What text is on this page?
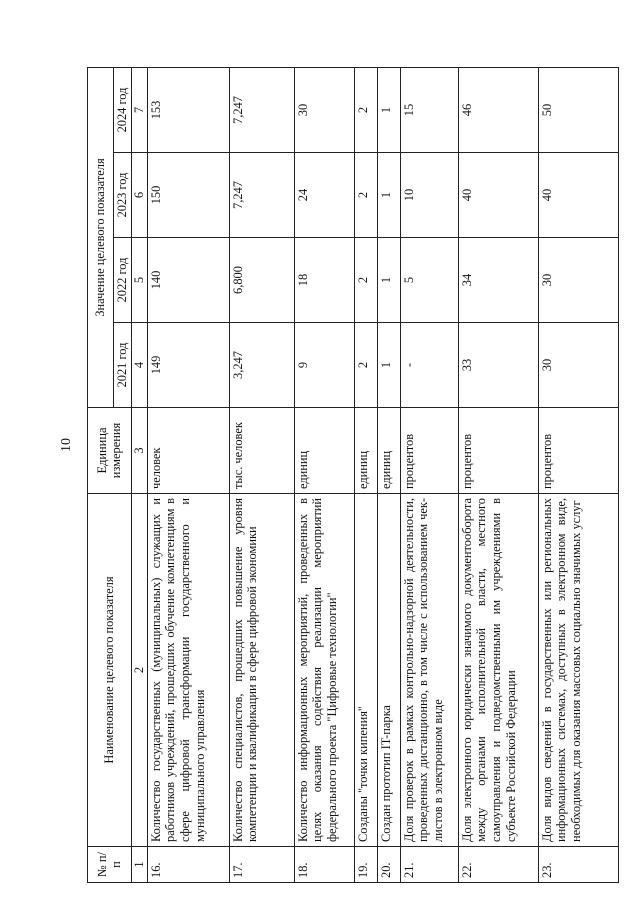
10
№ п/п	Наименование целевого показателя	Единица измерения	Значение целевого показателя			
			2021 год	2022 год	2023 год	2024 год
1	2	3	4	5	6	7
16.	Количество государственных (муниципальных) служащих и работников учреждений, прошедших обучение компетенциям в сфере цифровой трансформации государственного и муниципального управления	человек	149	140	150	153
17.	Количество специалистов, прошедших повышение уровня компетенции и квалификации в сфере цифровой экономики	тыс. человек	3,247	6,800	7,247	7,247
18.	Количество информационных мероприятий, проведенных в целях оказания содействия реализации мероприятий федерального проекта "Цифровые технологии"	единиц	9	18	24	30
19.	Созданы "точки кипения"	единиц	2	2	2	2
20.	Создан прототип IT-парка	единиц	1	1	1	1
21.	Доля проверок в рамках контрольно-надзорной деятельности, проведенных дистанционно, в том числе с использованием чек-листов в электронном виде	процентов	-	5	10	15
22.	Доля электронного юридически значимого документооборота между органами исполнительной власти, местного самоуправления и подведомственными им учреждениями в субъекте Российской Федерации	процентов	33	34	40	46
23.	Доля видов сведений в государственных или региональных информационных системах, доступных в электронном виде, необходимых для оказания массовых социально значимых услуг	процентов	30	30	40	50
